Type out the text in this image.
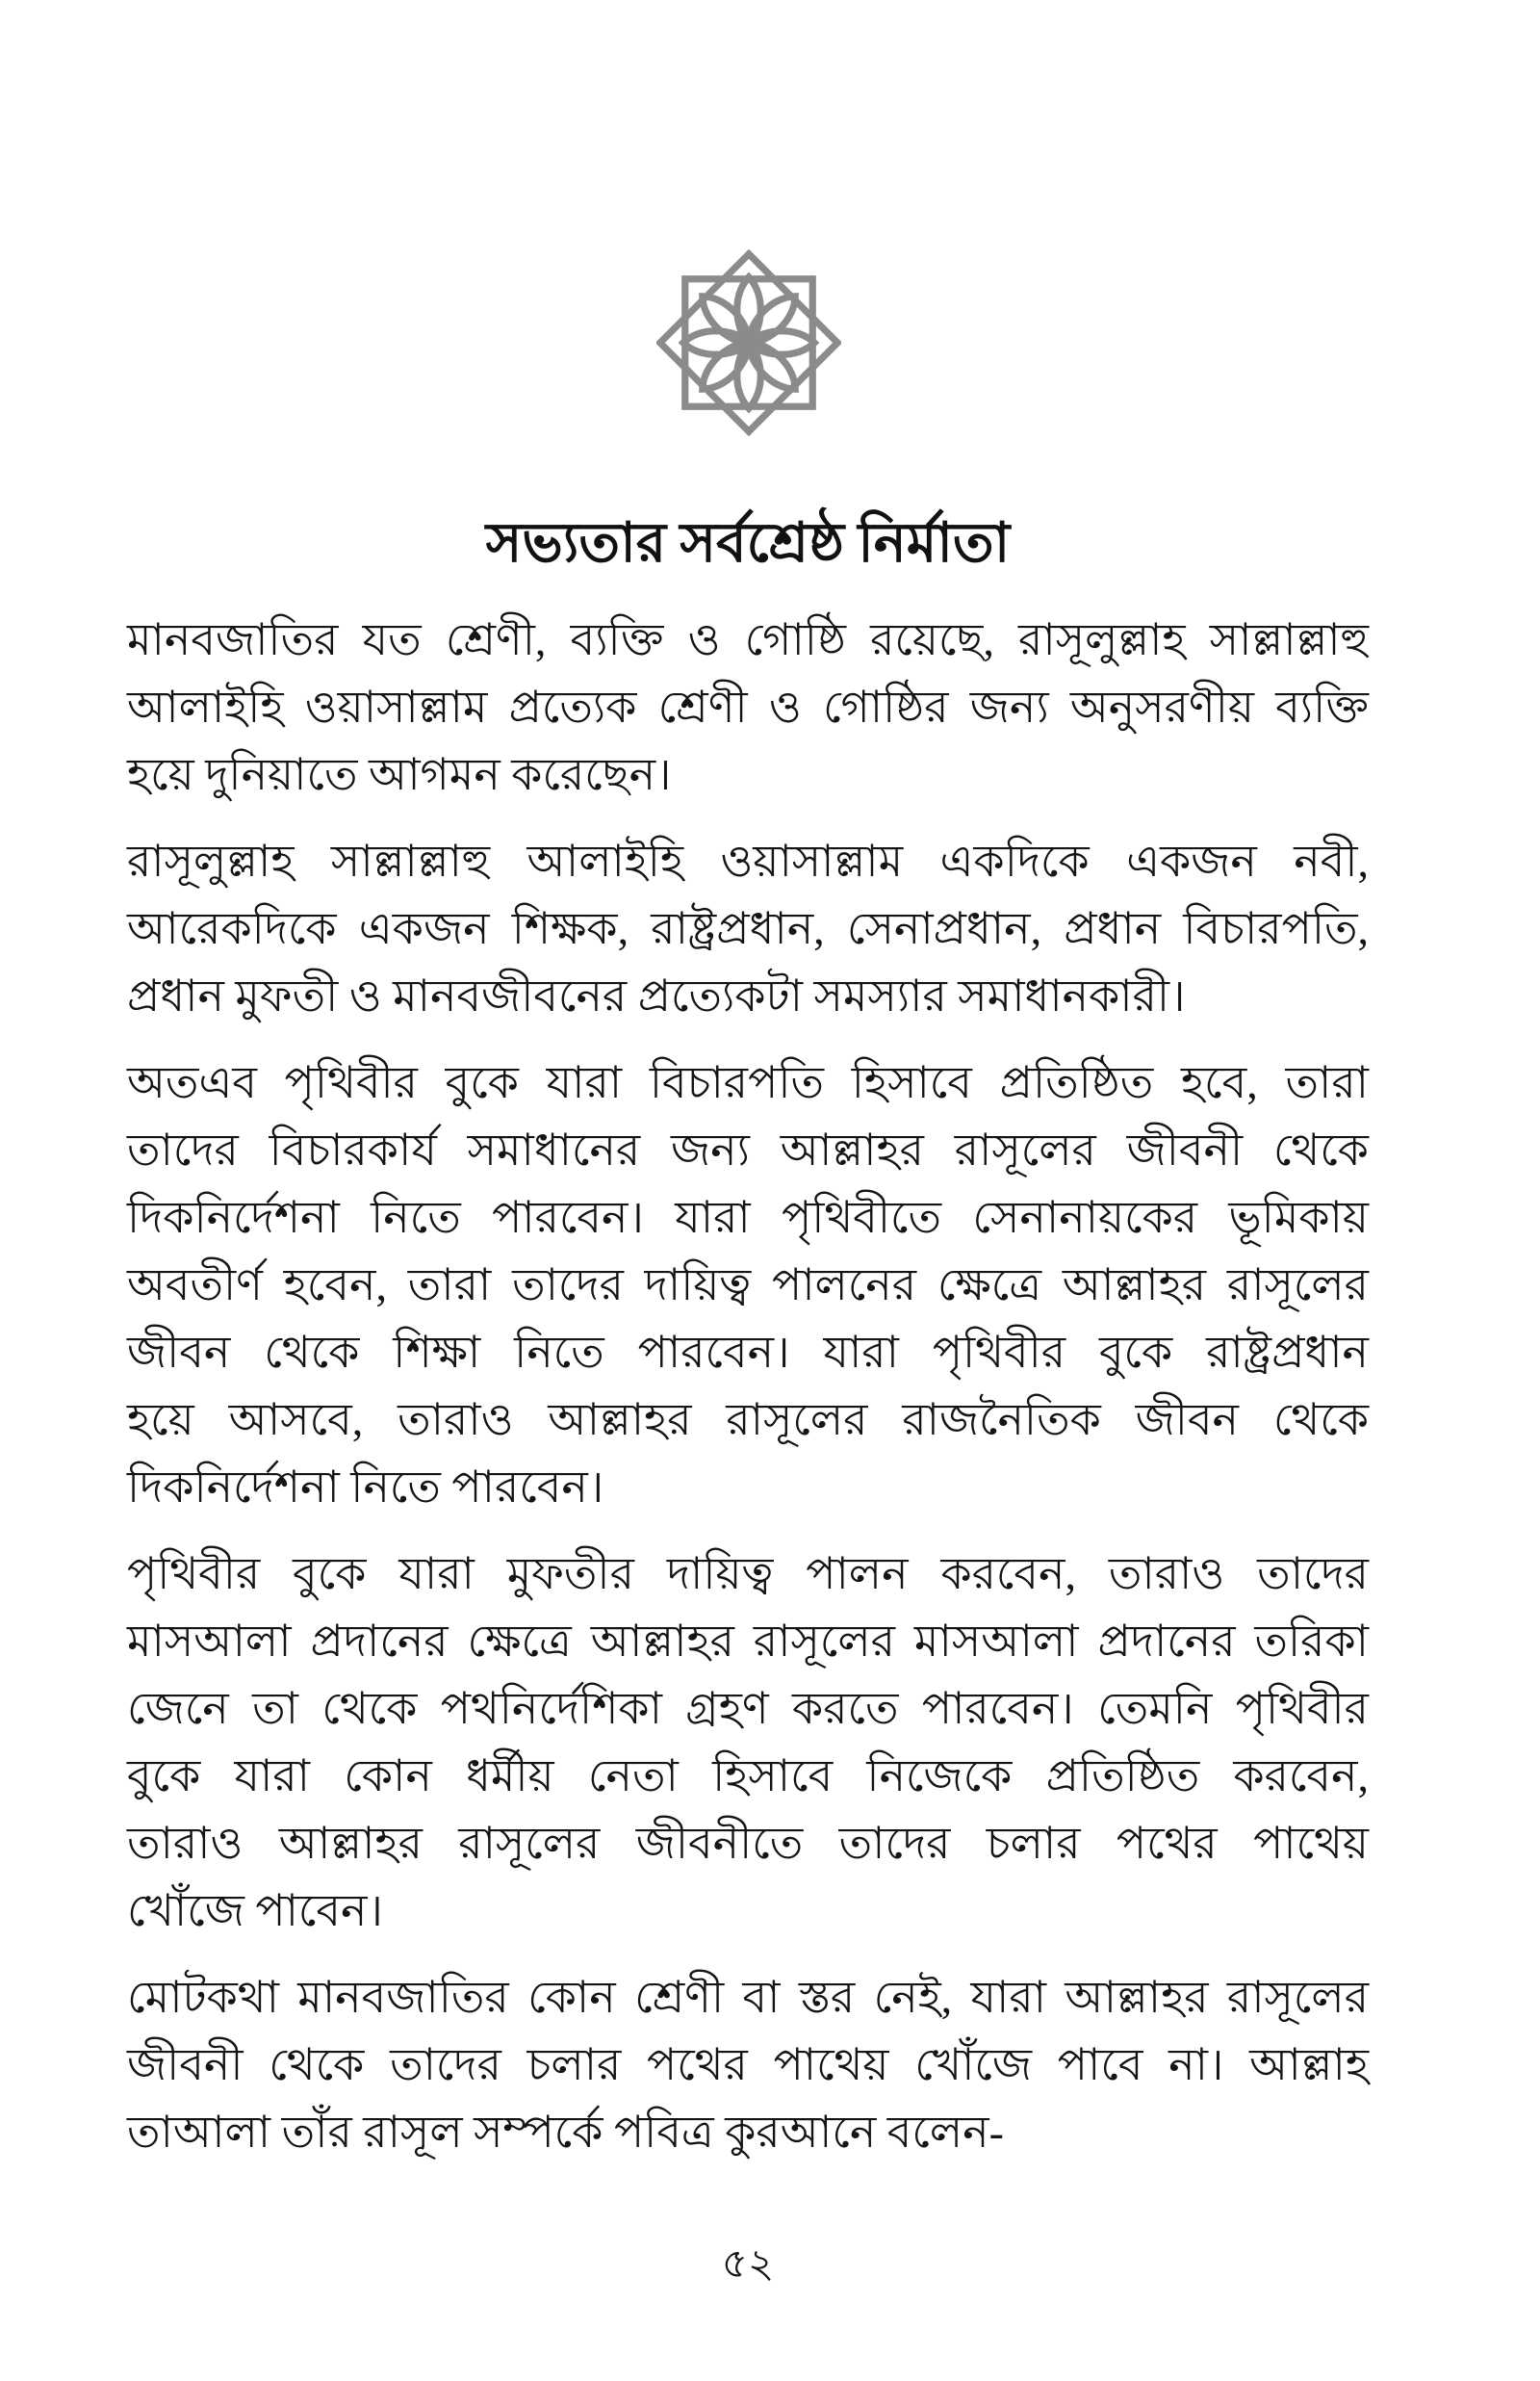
সভ্যতার সর্বশ্রেষ্ঠ নির্মাতা
মানবজাতির যত শ্রেণী, ব্যক্তি ও গোষ্ঠি রয়েছে, রাসূলুল্লাহ সাল্লাল্লাহু
আলাইহি ওয়াসাল্লাম প্রত্যেক শ্রেণী ও গোষ্ঠির জন্য অনুসরণীয় ব্যক্তি
হয়ে দুনিয়াতে আগমন করেছেন।
রাসূলুল্লাহ সাল্লাল্লাহু আলাইহি ওয়াসাল্লাম একদিকে একজন নবী,
আরেকদিকে একজন শিক্ষক, রাষ্ট্রপ্রধান, সেনাপ্রধান, প্রধান বিচারপতি,
প্রধান মুফতী ও মানবজীবনের প্রত্যেকটা সমস্যার সমাধানকারী।
অতএব পৃথিবীর বুকে যারা বিচারপতি হিসাবে প্রতিষ্ঠিত হবে, তারা
তাদের বিচারকার্য সমাধানের জন্য আল্লাহর রাসূলের জীবনী থেকে
দিকনির্দেশনা নিতে পারবেন। যারা পৃথিবীতে সেনানায়কের ভূমিকায়
অবতীর্ণ হবেন, তারা তাদের দায়িত্ব পালনের ক্ষেত্রে আল্লাহর রাসূলের
জীবন থেকে শিক্ষা নিতে পারবেন। যারা পৃথিবীর বুকে রাষ্ট্রপ্রধান
হয়ে আসবে, তারাও আল্লাহর রাসূলের রাজনৈতিক জীবন থেকে
দিকনির্দেশনা নিতে পারবেন।
পৃথিবীর বুকে যারা মুফতীর দায়িত্ব পালন করবেন, তারাও তাদের
মাসআলা প্রদানের ক্ষেত্রে আল্লাহর রাসূলের মাসআলা প্রদানের তরিকা
জেনে তা থেকে পথনির্দেশিকা গ্রহণ করতে পারবেন। তেমনি পৃথিবীর
বুকে যারা কোন ধর্মীয় নেতা হিসাবে নিজেকে প্রতিষ্ঠিত করবেন,
তারাও আল্লাহর রাসূলের জীবনীতে তাদের চলার পথের পাথেয়
খোঁজে পাবেন।
মোটকথা মানবজাতির কোন শ্রেণী বা স্তর নেই, যারা আল্লাহর রাসূলের
জীবনী থেকে তাদের চলার পথের পাথেয় খোঁজে পাবে না। আল্লাহ
তাআলা তাঁর রাসূল সম্পর্কে পবিত্র কুরআনে বলেন-
৫২
